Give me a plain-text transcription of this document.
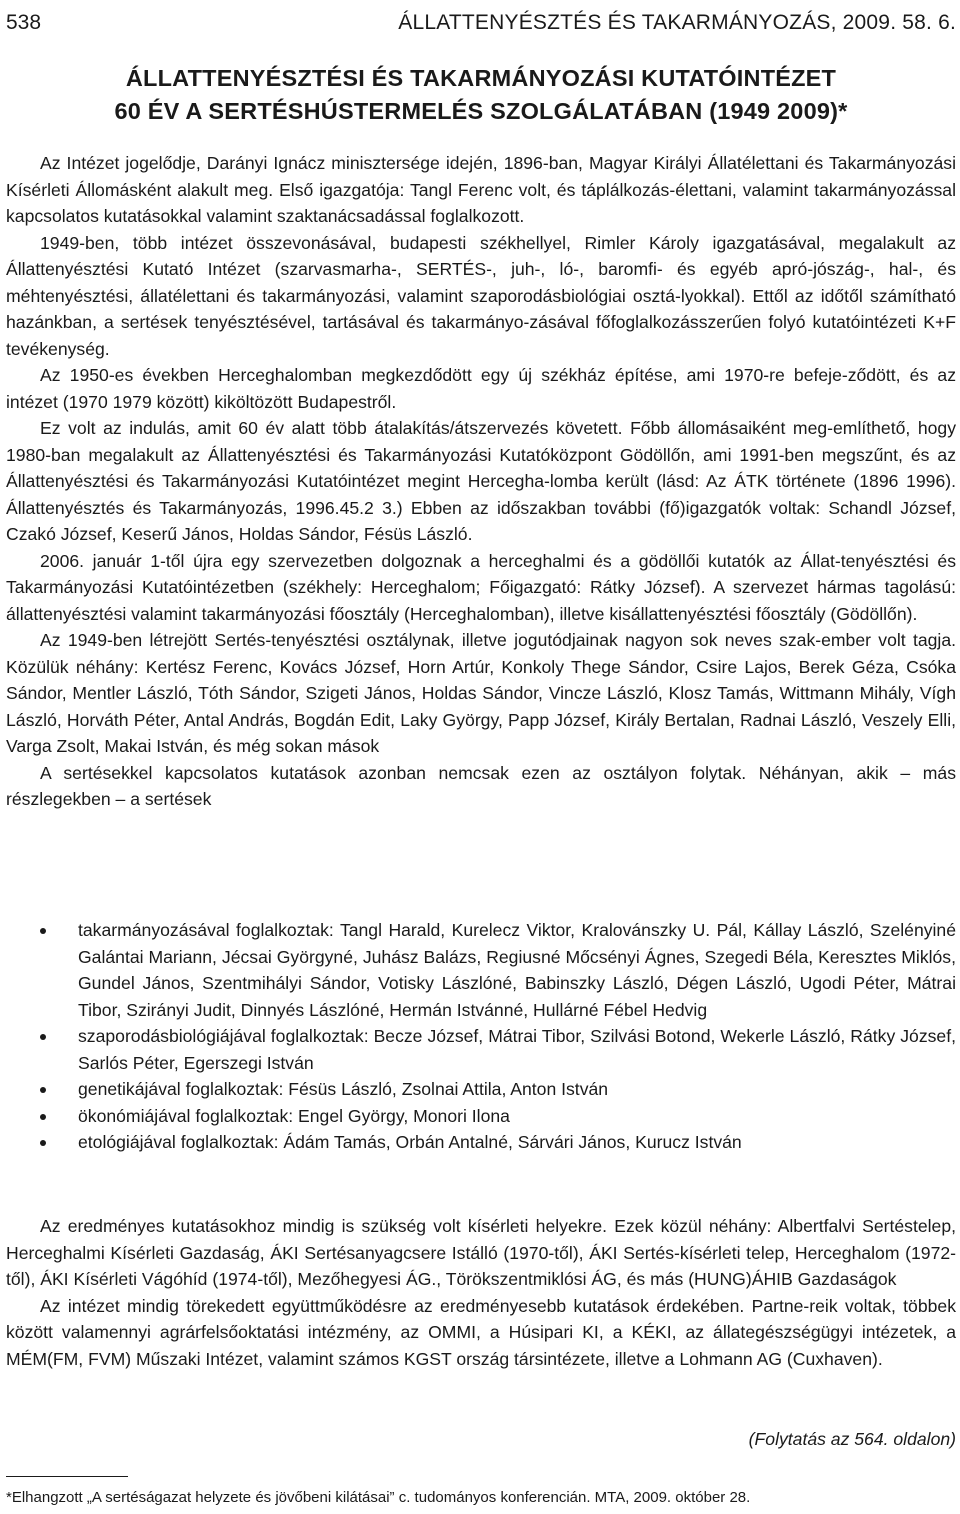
538	ÁLLATTENYÉSZTÉS ÉS TAKARMÁNYOZÁS, 2009. 58. 6.
ÁLLATTENYÉSZTÉSI ÉS TAKARMÁNYOZÁSI KUTATÓINTÉZET
60 ÉV A SERTÉSHÚSTERMELÉS SZOLGÁLATÁBAN (1949 2009)*

Az Intézet jogelődje, Darányi Ignácz minisztersége idején, 1896-ban, Magyar Királyi Állatélettani és Takarmányozási Kísérleti Állomásként alakult meg. Első igazgatója: Tangl Ferenc volt, és táplálkozás-élettani, valamint takarmányozással kapcsolatos kutatásokkal valamint szaktanácsadással foglalkozott.

1949-ben, több intézet összevonásával, budapesti székhellyel, Rimler Károly igazgatásával, megalakult az Állattenyésztési Kutató Intézet (szarvasmarha-, SERTÉS-, juh-, ló-, baromfi- és egyéb apró-jószág-, hal-, és méhtenyésztési, állatélettani és takarmányozási, valamint szaporodásbiológiai osztá-lyokkal). Ettől az időtől számítható hazánkban, a sertések tenyésztésével, tartásával és takarmányo-zásával főfoglalkozásszerűen folyó kutatóintézeti K+F tevékenység.

Az 1950-es években Herceghalomban megkezdődött egy új székház építése, ami 1970-re befeje-ződött, és az intézet (1970 1979 között) kiköltözött Budapestről.

Ez volt az indulás, amit 60 év alatt több átalakítás/átszervezés követett. Főbb állomásaiként meg-említhető, hogy 1980-ban megalakult az Állattenyésztési és Takarmányozási Kutatóközpont Gödöllőn, ami 1991-ben megszűnt, és az Állattenyésztési és Takarmányozási Kutatóintézet megint Hercegha-lomba került (lásd: Az ÁTK története (1896 1996). Állattenyésztés és Takarmányozás, 1996.45.2 3.) Ebben az időszakban további (fő)igazgatók voltak: Schandl József, Czakó József, Keserű János, Holdas Sándor, Fésüs László.

2006. január 1-től újra egy szervezetben dolgoznak a herceghalmi és a gödöllői kutatók az Állat-tenyésztési és Takarmányozási Kutatóintézetben (székhely: Herceghalom; Főigazgató: Rátky József). A szervezet hármas tagolású: állattenyésztési valamint takarmányozási főosztály (Herceghalomban), illetve kisállattenyésztési főosztály (Gödöllőn).

Az 1949-ben létrejött Sertés-tenyésztési osztálynak, illetve jogutódjainak nagyon sok neves szak-ember volt tagja. Közülük néhány: Kertész Ferenc, Kovács József, Horn Artúr, Konkoly Thege Sándor, Csire Lajos, Berek Géza, Csóka Sándor, Mentler László, Tóth Sándor, Szigeti János, Holdas Sándor, Vincze László, Klosz Tamás, Wittmann Mihály, Vígh László, Horváth Péter, Antal András, Bogdán Edit, Laky György, Papp József, Király Bertalan, Radnai László, Veszely Elli, Varga Zsolt, Makai István, és még sokan mások

A sertésekkel kapcsolatos kutatások azonban nemcsak ezen az osztályon folytak. Néhányan, akik – más részlegekben – a sertések

takarmányozásával foglalkoztak: Tangl Harald, Kurelecz Viktor, Kralovánszky U. Pál, Kállay László, Szelényiné Galántai Mariann, Jécsai Györgyné, Juhász Balázs, Regiusné Mőcsényi Ágnes, Szegedi Béla, Keresztes Miklós, Gundel János, Szentmihályi Sándor, Votisky Lászlóné, Babinszky László, Dégen László, Ugodi Péter, Mátrai Tibor, Szirányi Judit, Dinnyés Lászlóné, Hermán Istvánné, Hullárné Fébel Hedvig
szaporodásbiológiájával foglalkoztak: Becze József, Mátrai Tibor, Szilvási Botond, Wekerle László, Rátky József, Sarlós Péter, Egerszegi István
genetikájával foglalkoztak: Fésüs László, Zsolnai Attila, Anton István
ökonómiájával foglalkoztak: Engel György, Monori Ilona
etológiájával foglalkoztak: Ádám Tamás, Orbán Antalné, Sárvári János, Kurucz István

Az eredményes kutatásokhoz mindig is szükség volt kísérleti helyekre. Ezek közül néhány: Albertfalvi Sertéstelep, Herceghalmi Kísérleti Gazdaság, ÁKI Sertésanyagcsere Istálló (1970-től), ÁKI Sertés-kísérleti telep, Herceghalom (1972-től), ÁKI Kísérleti Vágóhíd (1974-től), Mezőhegyesi ÁG., Törökszentmiklósi ÁG, és más (HUNG)ÁHIB Gazdaságok

Az intézet mindig törekedett együttműködésre az eredményesebb kutatások érdekében. Partne-reik voltak, többek között valamennyi agrárfelsőoktatási intézmény, az OMMI, a Húsipari KI, a KÉKI, az állategészségügyi intézetek, a MÉM(FM, FVM) Műszaki Intézet, valamint számos KGST ország társintézete, illetve a Lohmann AG (Cuxhaven).

(Folytatás az 564. oldalon)
*Elhangzott „A sertéságazat helyzete és jövőbeni kilátásai” c. tudományos konferencián. MTA, 2009. október 28.
